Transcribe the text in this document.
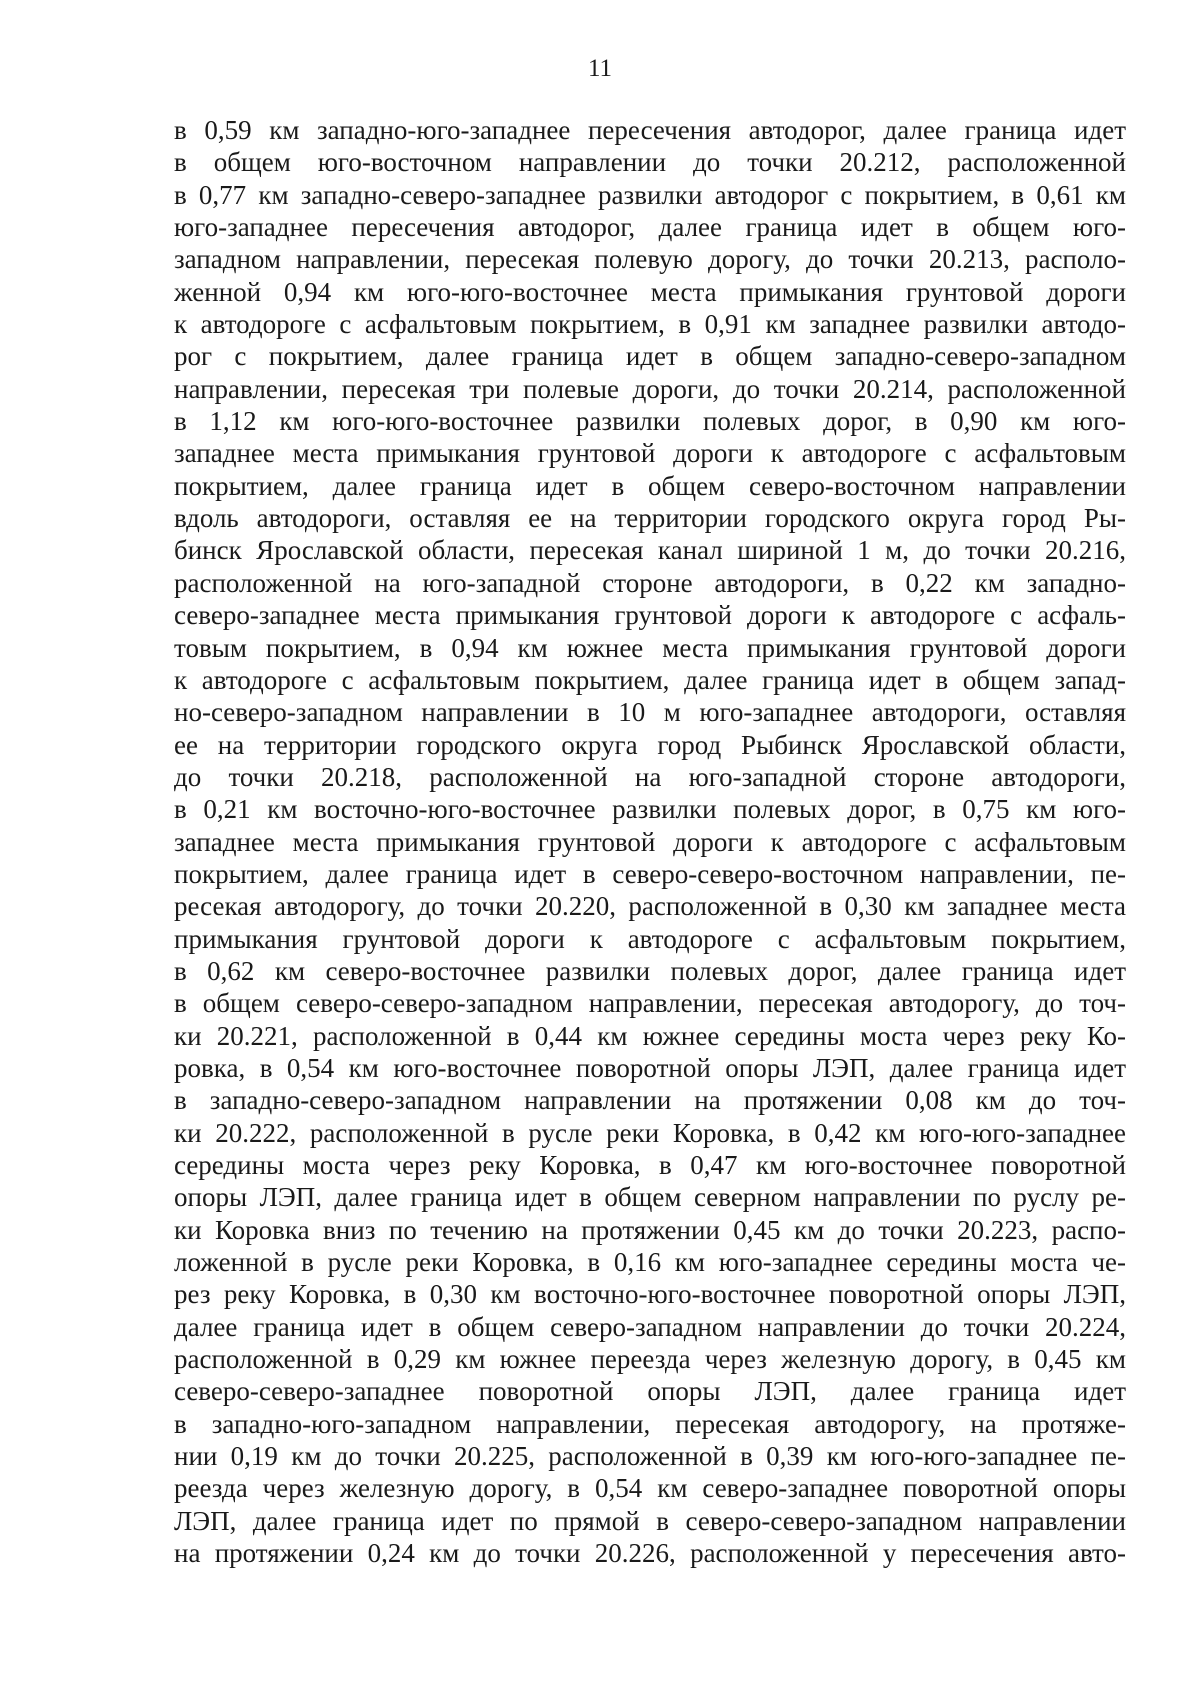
11
в 0,59 км западно-юго-западнее пересечения автодорог, далее граница идет
в общем юго-восточном направлении до точки 20.212, расположенной
в 0,77 км западно-северо-западнее развилки автодорог с покрытием, в 0,61 км
юго-западнее пересечения автодорог, далее граница идет в общем юго-
западном направлении, пересекая полевую дорогу, до точки 20.213, располо-
женной 0,94 км юго-юго-восточнее места примыкания грунтовой дороги
к автодороге с асфальтовым покрытием, в 0,91 км западнее развилки автодо-
рог с покрытием, далее граница идет в общем западно-северо-западном
направлении, пересекая три полевые дороги, до точки 20.214, расположенной
в 1,12 км юго-юго-восточнее развилки полевых дорог, в 0,90 км юго-
западнее места примыкания грунтовой дороги к автодороге с асфальтовым
покрытием, далее граница идет в общем северо-восточном направлении
вдоль автодороги, оставляя ее на территории городского округа город Ры-
бинск Ярославской области, пересекая канал шириной 1 м, до точки 20.216,
расположенной на юго-западной стороне автодороги, в 0,22 км западно-
северо-западнее места примыкания грунтовой дороги к автодороге с асфаль-
товым покрытием, в 0,94 км южнее места примыкания грунтовой дороги
к автодороге с асфальтовым покрытием, далее граница идет в общем запад-
но-северо-западном направлении в 10 м юго-западнее автодороги, оставляя
ее на территории городского округа город Рыбинск Ярославской области,
до точки 20.218, расположенной на юго-западной стороне автодороги,
в 0,21 км восточно-юго-восточнее развилки полевых дорог, в 0,75 км юго-
западнее места примыкания грунтовой дороги к автодороге с асфальтовым
покрытием, далее граница идет в северо-северо-восточном направлении, пе-
ресекая автодорогу, до точки 20.220, расположенной в 0,30 км западнее места
примыкания грунтовой дороги к автодороге с асфальтовым покрытием,
в 0,62 км северо-восточнее развилки полевых дорог, далее граница идет
в общем северо-северо-западном направлении, пересекая автодорогу, до точ-
ки 20.221, расположенной в 0,44 км южнее середины моста через реку Ко-
ровка, в 0,54 км юго-восточнее поворотной опоры ЛЭП, далее граница идет
в западно-северо-западном направлении на протяжении 0,08 км до точ-
ки 20.222, расположенной в русле реки Коровка, в 0,42 км юго-юго-западнее
середины моста через реку Коровка, в 0,47 км юго-восточнее поворотной
опоры ЛЭП, далее граница идет в общем северном направлении по руслу ре-
ки Коровка вниз по течению на протяжении 0,45 км до точки 20.223, распо-
ложенной в русле реки Коровка, в 0,16 км юго-западнее середины моста че-
рез реку Коровка, в 0,30 км восточно-юго-восточнее поворотной опоры ЛЭП,
далее граница идет в общем северо-западном направлении до точки 20.224,
расположенной в 0,29 км южнее переезда через железную дорогу, в 0,45 км
северо-северо-западнее поворотной опоры ЛЭП, далее граница идет
в западно-юго-западном направлении, пересекая автодорогу, на протяже-
нии 0,19 км до точки 20.225, расположенной в 0,39 км юго-юго-западнее пе-
реезда через железную дорогу, в 0,54 км северо-западнее поворотной опоры
ЛЭП, далее граница идет по прямой в северо-северо-западном направлении
на протяжении 0,24 км до точки 20.226, расположенной у пересечения авто-
